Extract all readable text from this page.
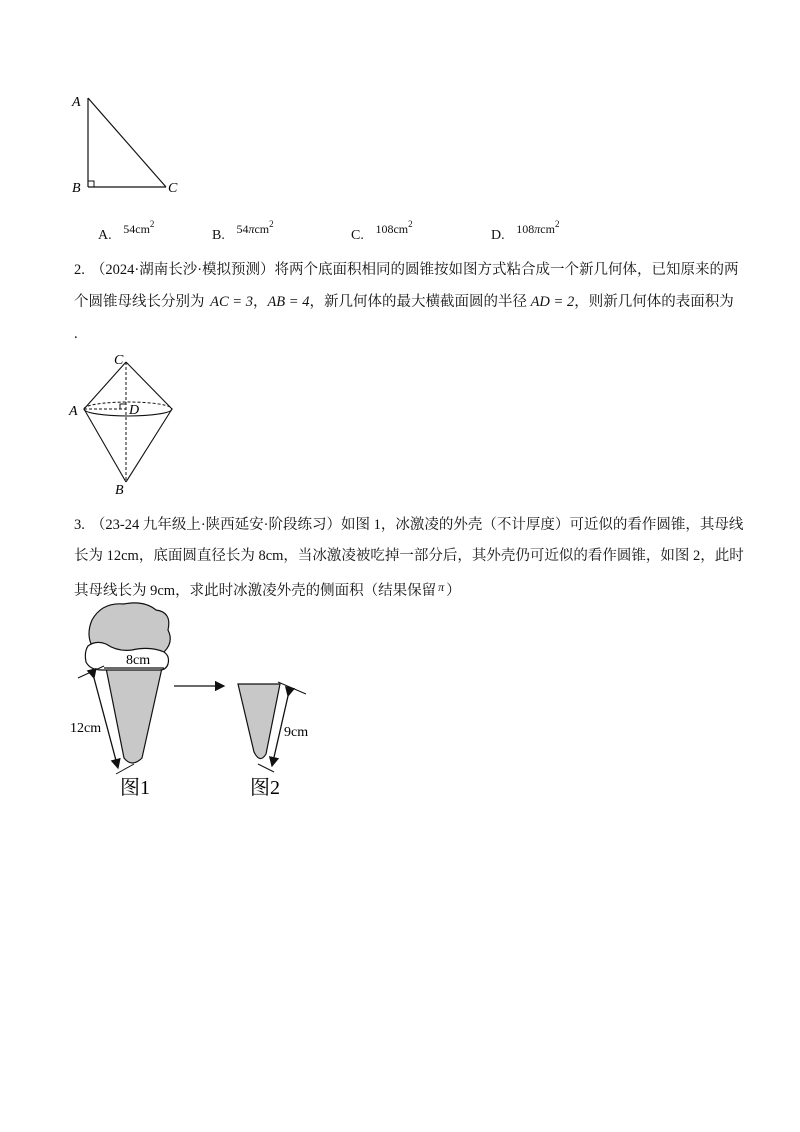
A
B	C
A. $54cm^2$
B. 54πcm$^2$
C. $108cm^2$
D. 108πcm$^2$
2. （2024·湖南长沙·模拟预测）将两个底面积相同的圆锥按如图方式粘合成一个新几何体，已知原来的两
个圆锥母线长分别为 AC = 3，AB = 4，新几何体的最大横截面圆的半径 AD = 2，则新几何体的表面积为
.
C
A	D
B
3. （23-24 九年级上·陕西延安·阶段练习）如图 1，冰激凌的外壳（不计厚度）可近似的看作圆锥，其母线
长为 12cm，底面圆直径长为 8cm，当冰激凌被吃掉一部分后，其外壳仍可近似的看作圆锥，如图 2，此时
其母线长为 9cm，求此时冰激凌外壳的侧面积（结果保留 $^\pi$ ）
8cm
12cm
图1
9cm
图2
